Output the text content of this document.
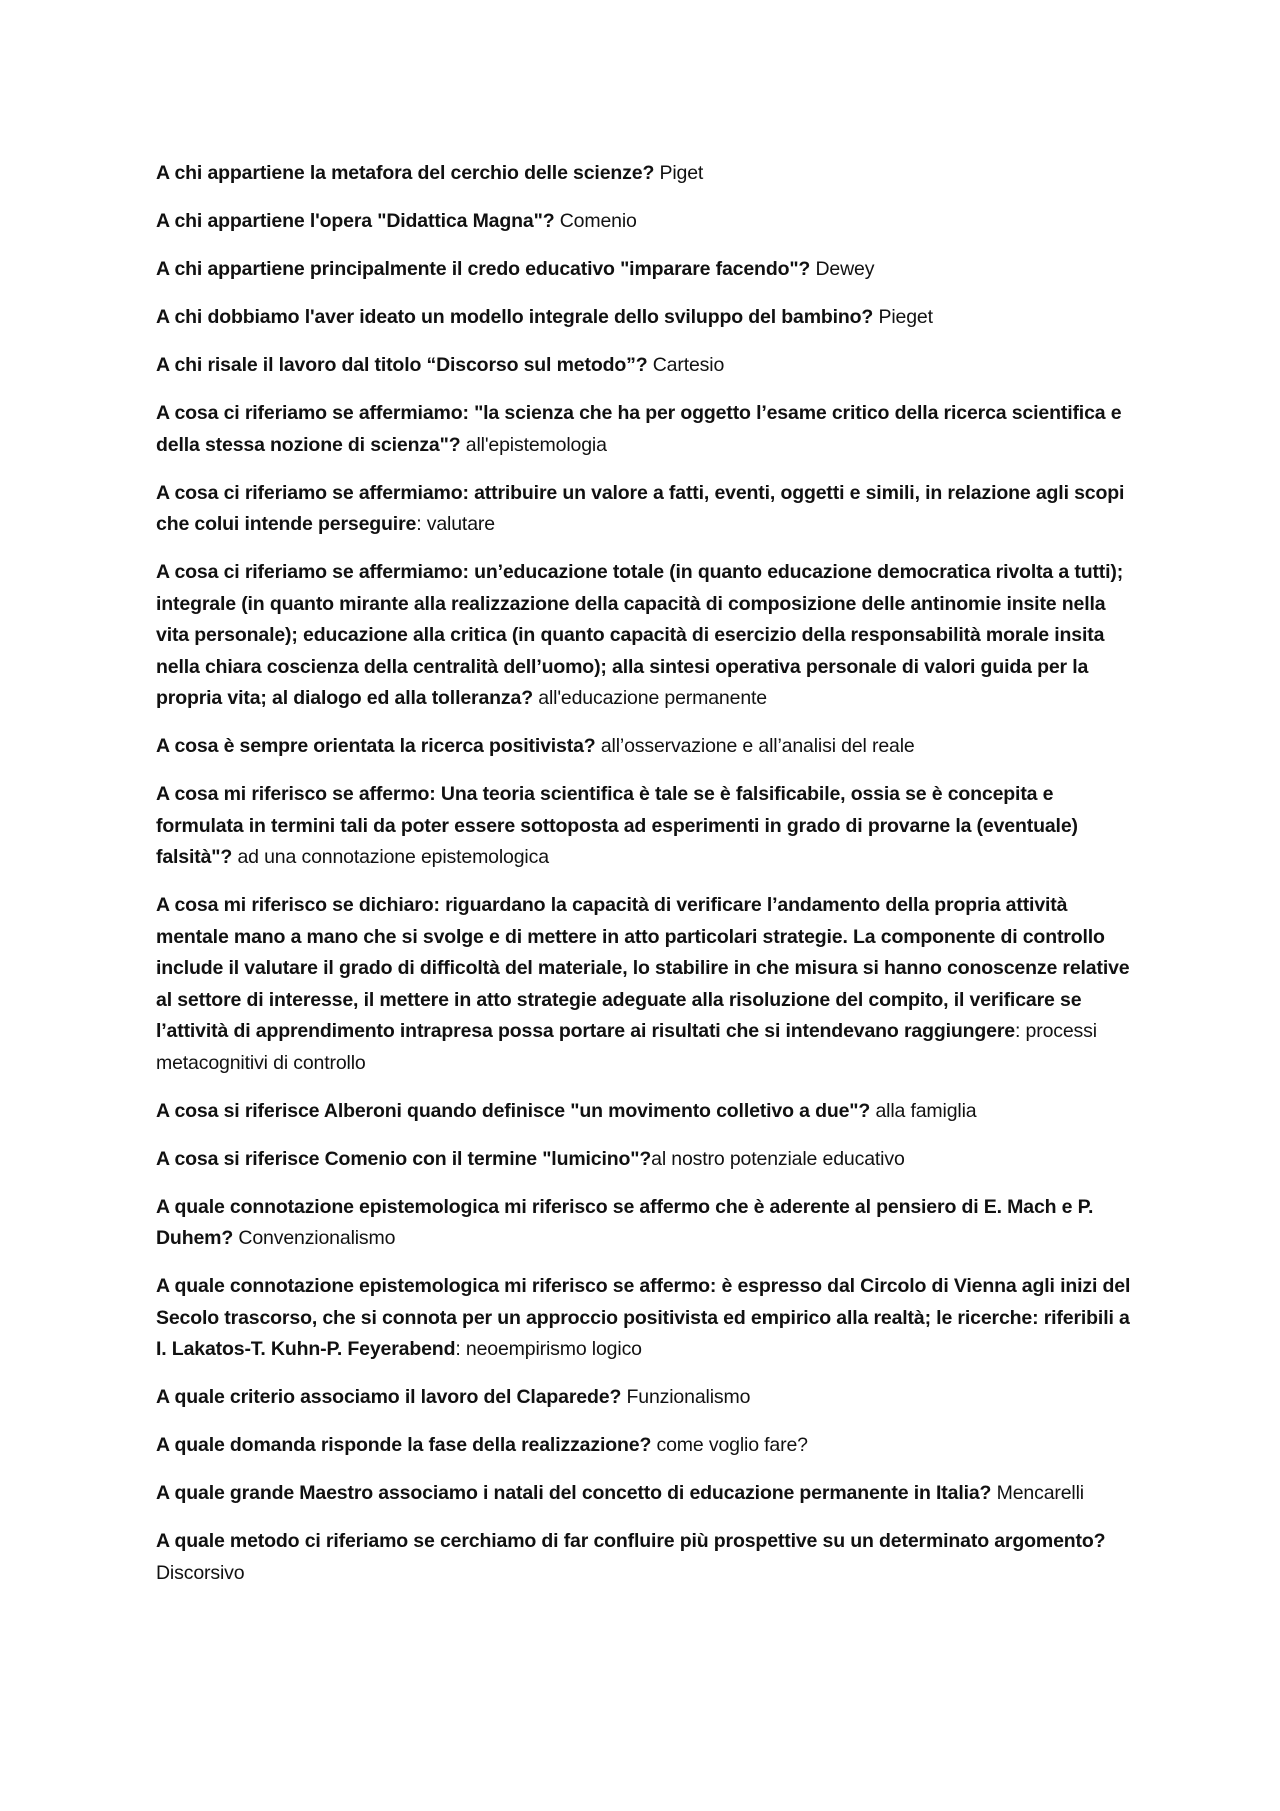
A chi appartiene la metafora del cerchio delle scienze? Piget

A chi appartiene l'opera "Didattica Magna"? Comenio

A chi appartiene principalmente il credo educativo "imparare facendo"? Dewey

A chi dobbiamo l'aver ideato un modello integrale dello sviluppo del bambino? Pieget

A chi risale il lavoro dal titolo “Discorso sul metodo”? Cartesio

A cosa ci riferiamo se affermiamo: "la scienza che ha per oggetto l’esame critico della ricerca scientifica e della stessa nozione di scienza"? all'epistemologia

A cosa ci riferiamo se affermiamo: attribuire un valore a fatti, eventi, oggetti e simili, in relazione agli scopi che colui intende perseguire: valutare

A cosa ci riferiamo se affermiamo: un’educazione totale (in quanto educazione democratica rivolta a tutti); integrale (in quanto mirante alla realizzazione della capacità di composizione delle antinomie insite nella vita personale); educazione alla critica (in quanto capacità di esercizio della responsabilità morale insita nella chiara coscienza della centralità dell’uomo); alla sintesi operativa personale di valori guida per la propria vita; al dialogo ed alla tolleranza? all'educazione permanente

A cosa è sempre orientata la ricerca positivista? all’osservazione e all’analisi del reale

A cosa mi riferisco se affermo: Una teoria scientifica è tale se è falsificabile, ossia se è concepita e formulata in termini tali da poter essere sottoposta ad esperimenti in grado di provarne la (eventuale) falsità"? ad una connotazione epistemologica

A cosa mi riferisco se dichiaro: riguardano la capacità di verificare l’andamento della propria attività mentale mano a mano che si svolge e di mettere in atto particolari strategie. La componente di controllo include il valutare il grado di difficoltà del materiale, lo stabilire in che misura si hanno conoscenze relative al settore di interesse, il mettere in atto strategie adeguate alla risoluzione del compito, il verificare se l’attività di apprendimento intrapresa possa portare ai risultati che si intendevano raggiungere: processi metacognitivi di controllo

A cosa si riferisce Alberoni quando definisce "un movimento colletivo a due"? alla famiglia

A cosa si riferisce Comenio con il termine "lumicino"?al nostro potenziale educativo

A quale connotazione epistemologica mi riferisco se affermo che è aderente al pensiero di E. Mach e P. Duhem? Convenzionalismo

A quale connotazione epistemologica mi riferisco se affermo: è espresso dal Circolo di Vienna agli inizi del Secolo trascorso, che si connota per un approccio positivista ed empirico alla realtà; le ricerche: riferibili a I. Lakatos-T. Kuhn-P. Feyerabend: neoempirismo logico

A quale criterio associamo il lavoro del Claparede? Funzionalismo

A quale domanda risponde la fase della realizzazione? come voglio fare?

A quale grande Maestro associamo i natali del concetto di educazione permanente in Italia? Mencarelli

A quale metodo ci riferiamo se cerchiamo di far confluire più prospettive su un determinato argomento? Discorsivo
